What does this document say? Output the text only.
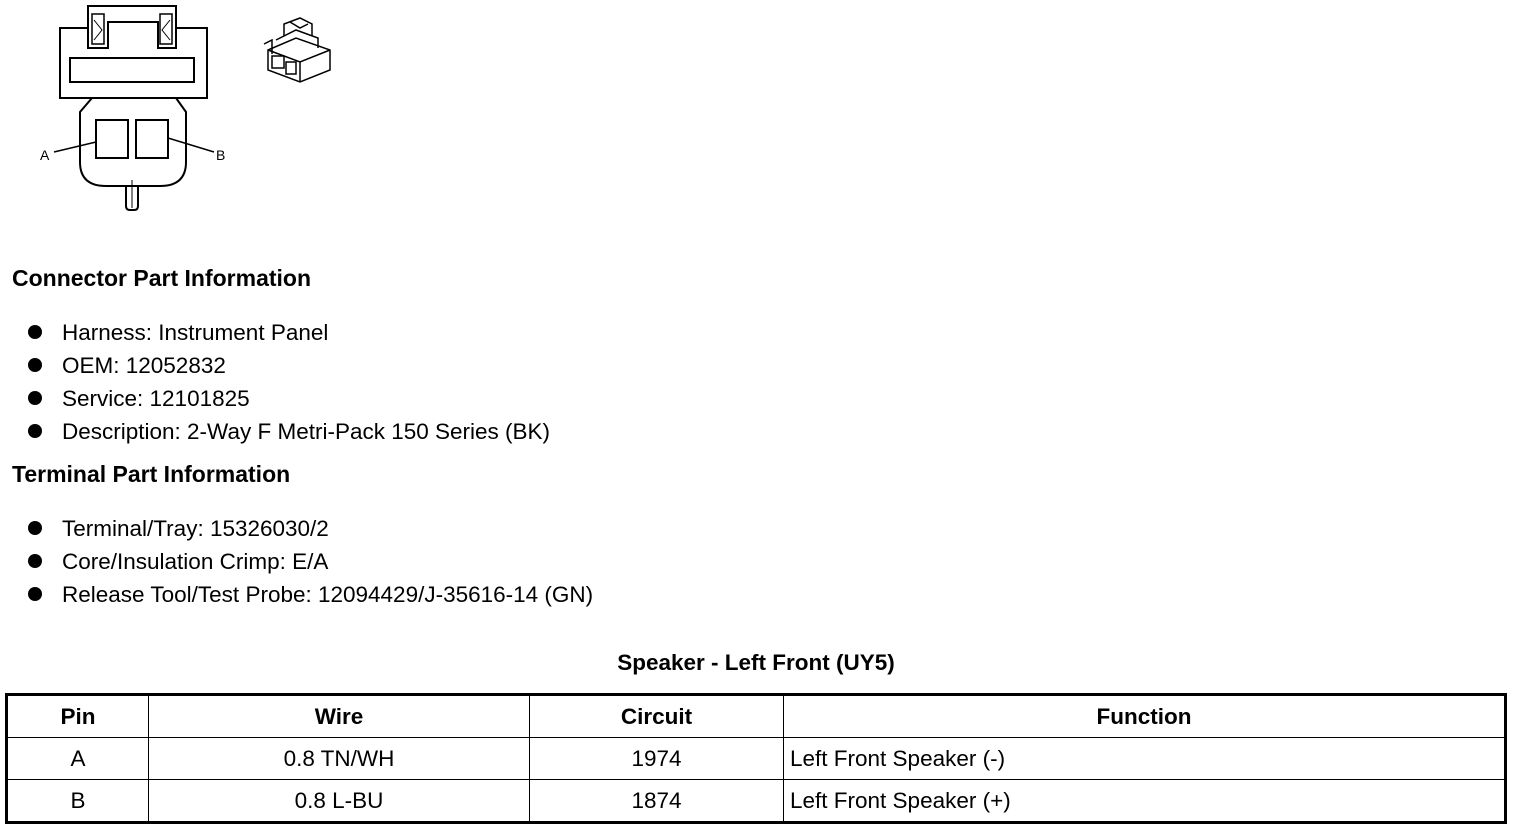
A	B
Connector Part Information
Harness: Instrument Panel
OEM: 12052832
Service: 12101825
Description: 2-Way F Metri-Pack 150 Series (BK)
Terminal Part Information
Terminal/Tray: 15326030/2
Core/Insulation Crimp: E/A
Release Tool/Test Probe: 12094429/J-35616-14 (GN)
Speaker - Left Front (UY5)
Pin	Wire	Circuit	Function
A	0.8 TN/WH	1974	Left Front Speaker (-)
B	0.8 L-BU	1874	Left Front Speaker (+)
